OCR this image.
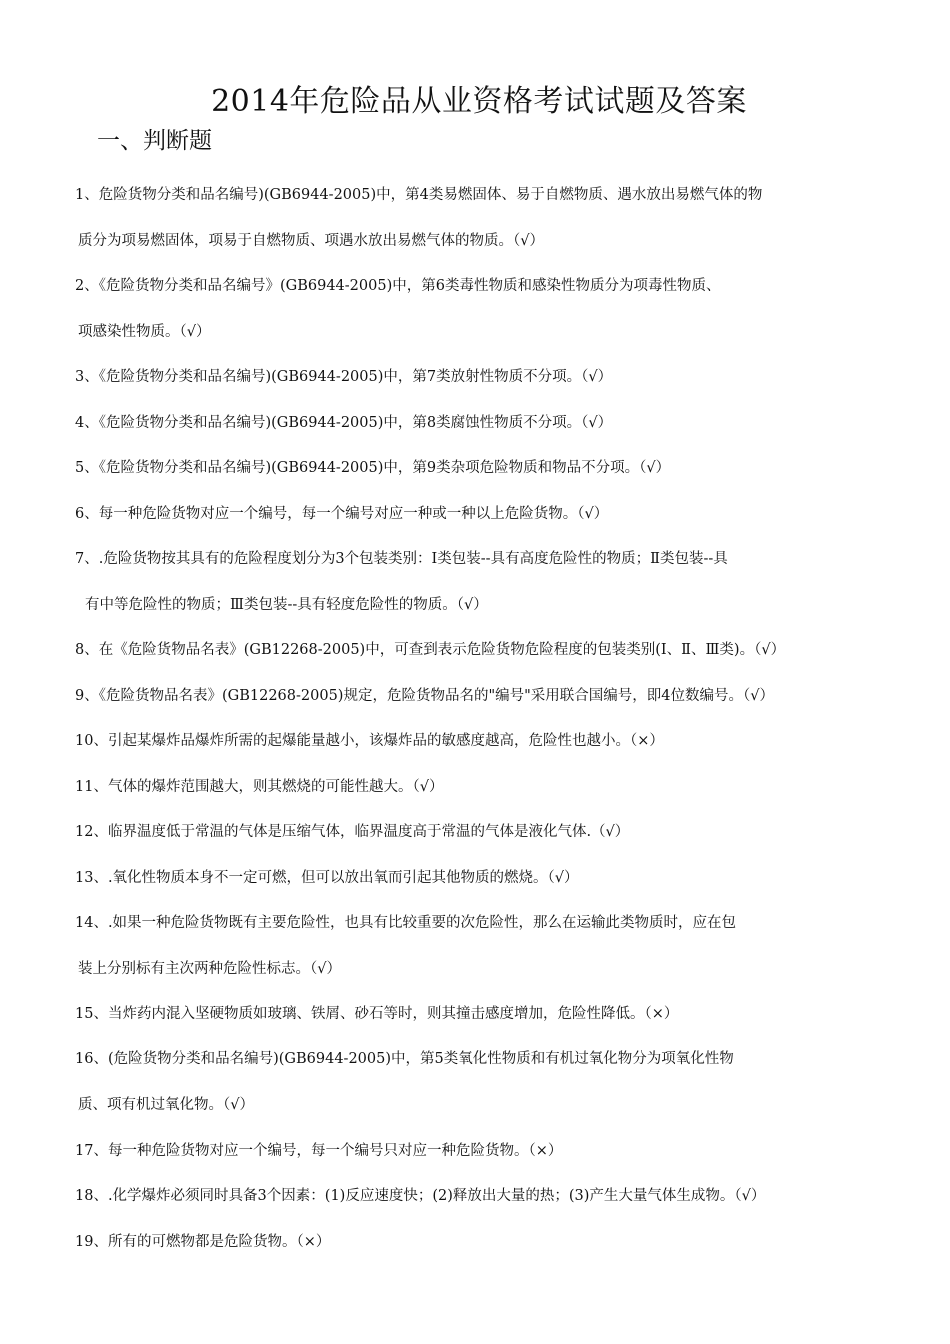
2014年危险品从业资格考试试题及答案
一、判断题
1、危险货物分类和品名编号)(GB6944-2005)中，第4类易燃固体、易于自燃物质、遇水放出易燃气体的物
质分为项易燃固体，项易于自燃物质、项遇水放出易燃气体的物质。（√）
2、《危险货物分类和品名编号》(GB6944-2005)中，第6类毒性物质和感染性物质分为项毒性物质、
项感染性物质。（√）
3、《危险货物分类和品名编号)(GB6944-2005)中，第7类放射性物质不分项。（√）
4、《危险货物分类和品名编号)(GB6944-2005)中，第8类腐蚀性物质不分项。（√）
5、《危险货物分类和品名编号)(GB6944-2005)中，第9类杂项危险物质和物品不分项。（√）
6、每一种危险货物对应一个编号，每一个编号对应一种或一种以上危险货物。（√）
7、.危险货物按其具有的危险程度划分为3个包装类别：Ⅰ类包装--具有高度危险性的物质；Ⅱ类包装--具
有中等危险性的物质；Ⅲ类包装--具有轻度危险性的物质。（√）
8、在《危险货物品名表》(GB12268-2005)中，可查到表示危险货物危险程度的包装类别(Ⅰ、Ⅱ、Ⅲ类)。（√）
9、《危险货物品名表》(GB12268-2005)规定，危险货物品名的"编号"采用联合国编号，即4位数编号。（√）
10、引起某爆炸品爆炸所需的起爆能量越小，该爆炸品的敏感度越高，危险性也越小。（×）
11、气体的爆炸范围越大，则其燃烧的可能性越大。（√）
12、临界温度低于常温的气体是压缩气体，临界温度高于常温的气体是液化气体.（√）
13、.氧化性物质本身不一定可燃，但可以放出氧而引起其他物质的燃烧。（√）
14、.如果一种危险货物既有主要危险性，也具有比较重要的次危险性，那么在运输此类物质时，应在包
装上分别标有主次两种危险性标志。（√）
15、当炸药内混入坚硬物质如玻璃、铁屑、砂石等时，则其撞击感度增加，危险性降低。（×）
16、(危险货物分类和品名编号)(GB6944-2005)中，第5类氧化性物质和有机过氧化物分为项氧化性物
质、项有机过氧化物。（√）
17、每一种危险货物对应一个编号，每一个编号只对应一种危险货物。（×）
18、.化学爆炸必须同时具备3个因素：(1)反应速度快；(2)释放出大量的热；(3)产生大量气体生成物。（√）
19、所有的可燃物都是危险货物。（×）
